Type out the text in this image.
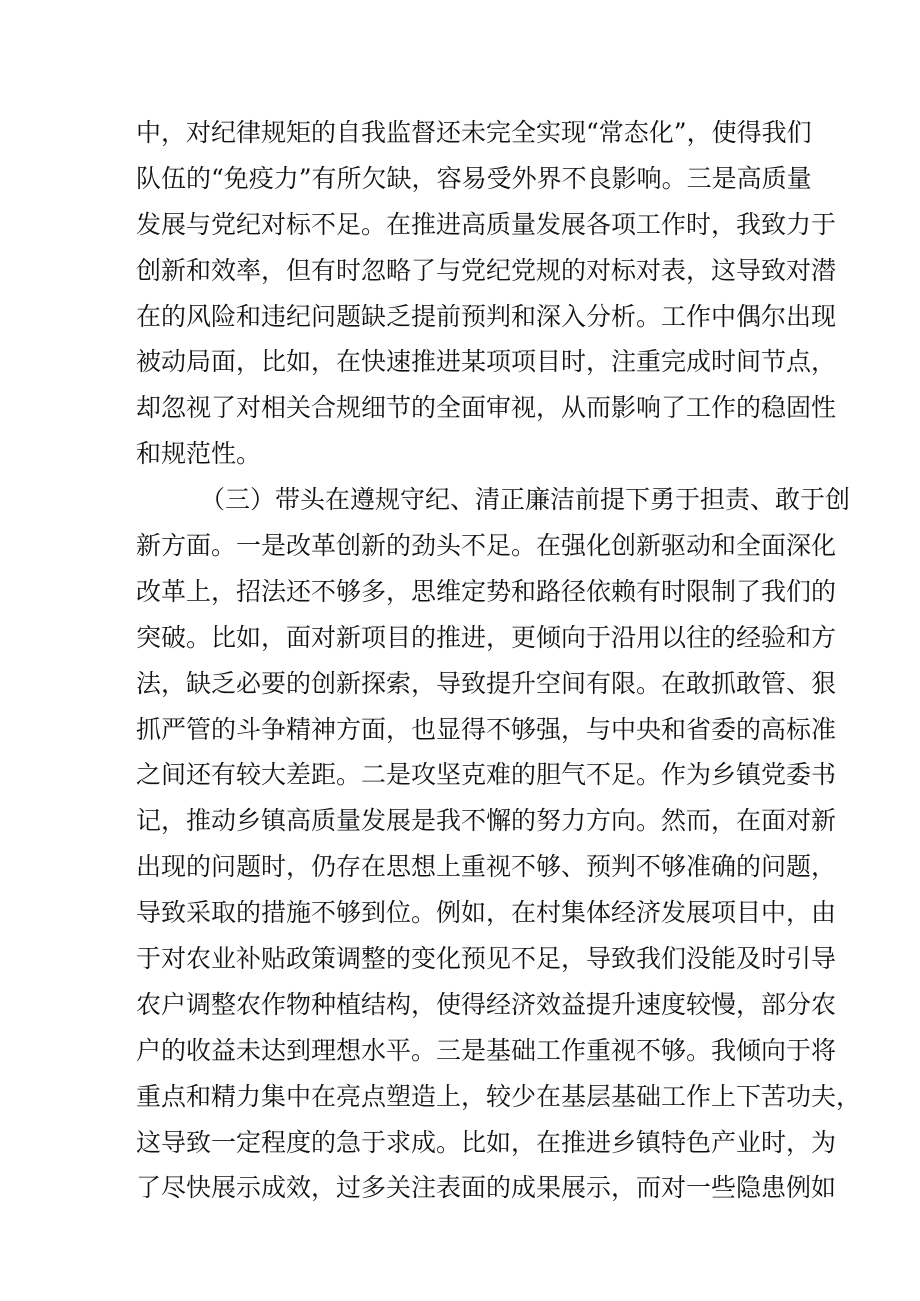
中，对纪律规矩的自我监督还未完全实现“常态化”，使得我们
队伍的“免疫力”有所欠缺，容易受外界不良影响。三是高质量
发展与党纪对标不足。在推进高质量发展各项工作时，我致力于
创新和效率，但有时忽略了与党纪党规的对标对表，这导致对潜
在的风险和违纪问题缺乏提前预判和深入分析。工作中偶尔出现
被动局面，比如，在快速推进某项项目时，注重完成时间节点，
却忽视了对相关合规细节的全面审视，从而影响了工作的稳固性
和规范性。
（三）带头在遵规守纪、清正廉洁前提下勇于担责、敢于创
新方面。一是改革创新的劲头不足。在强化创新驱动和全面深化
改革上，招法还不够多，思维定势和路径依赖有时限制了我们的
突破。比如，面对新项目的推进，更倾向于沿用以往的经验和方
法，缺乏必要的创新探索，导致提升空间有限。在敢抓敢管、狠
抓严管的斗争精神方面，也显得不够强，与中央和省委的高标准
之间还有较大差距。二是攻坚克难的胆气不足。作为乡镇党委书
记，推动乡镇高质量发展是我不懈的努力方向。然而，在面对新
出现的问题时，仍存在思想上重视不够、预判不够准确的问题，
导致采取的措施不够到位。例如，在村集体经济发展项目中，由
于对农业补贴政策调整的变化预见不足，导致我们没能及时引导
农户调整农作物种植结构，使得经济效益提升速度较慢，部分农
户的收益未达到理想水平。三是基础工作重视不够。我倾向于将
重点和精力集中在亮点塑造上，较少在基层基础工作上下苦功夫，
这导致一定程度的急于求成。比如，在推进乡镇特色产业时，为
了尽快展示成效，过多关注表面的成果展示，而对一些隐患例如
